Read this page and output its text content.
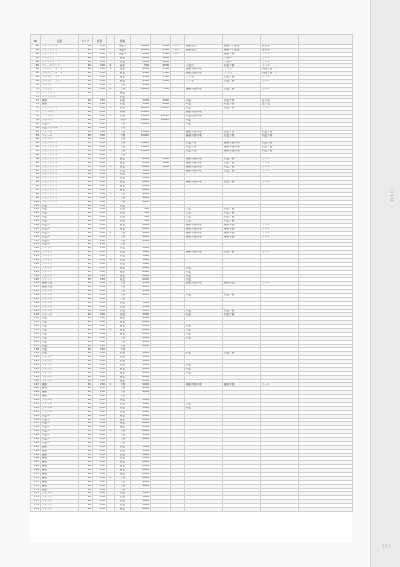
ITEM
255
No	名前	タイプ	性別		性格							
60	フォクサクス	40	250		着量1	10000	6500	ミネ5	魔術連合	戦闘アイ建築	紫世界	
61	フォクサクス	40	250		着量2	10000	6500	ミネ6	魔術連合	戦闘アイ建築	紫世界	
62	フォクサクス	40	250	1	着量3	9000	5500	ミネ7		建築ク間	ミース	
63	フォクサク	40	250		着量	6000	5000			ケ間ル	ミース	
64	フィークフ・ト	40	250		初量	6000	5000			ケ間ル	ミース	
65	フィークフ・ト	40	250	0	着量	500	3500		人量だ	初量ク間	ミース	
66	フレーヤ・ル・メ	40	250	1	着量	4500	3500		魔術帝国の場	ミ ヒビ	初間ク間・ミ	
67	フレーヤ・ル・メ	40	250		着量	4500	3500		魔術帝国の場	ミ ヒビ	初間ク間・ミ	
68	フロスト・ウイ	40	250		着量	4500	3500		ヤイ場	初量ク間	ミース	
69	フロスト・ウイ	40	250		着量	4500	3500		ヤイ場	初量ク間	ミース	
70	フロスト	40	250	1	千場	9000						
71	ブロンズ	40	250	0	千場	10000	7500		魔術帝国の場	初量ク間	ミース	
72	ブラウザー	40			魔量							
73	ブラウザー				初量							
74	魔術	40	250		初量	3000	2000		初量	初量ク場	量ク量	
75	魔術	40	250		初量	3000	2000		初量	初量ク場	量ク量	
76	フォクサクス	40	250	0	初場	40000	35000		初量	初量ク場	ミース	
77	ラバーログ	40	250		初場	15000			魔術帝国の場			
78	ラバーログ	40	250	1	初場	15000	12000		初量帝国の場			
79	フォーン	40	250		千場1	15000	12000		初量			
80	初量ル	40	250		千場	15000			初量			
81	初量フォール	40	250		千場							
82	フォール	40	250		千場	15000			魔術帝国の場	初量ク場	初量ク場	
83	フォール	40	250		千場	15000			魔術帝国の場	初量ク場	初量ク場	
84	フォール	40	250		千場							
85	フォクサクス	40	250		千場	15000			初量ク場	魔術帝国の場	初量ク間	
86	フォクサクス	40	250		千場	15000			初量ク場	魔術帝国の場	初量ク間	
87	フォクサクス	40	250	1	千場	15000			初量ク場	魔術帝国の場	初量ク間	
88	フォクサクス	40	250		千場							
89	フォクサクス	40	250		着量	6000	5000		魔術帝国の場	初量ク間	ミース	
90	フォクサクス	40	250		着量	6000	5000		魔術帝国の場	初量ク間	ミース	
91	フォクサクス	40	250	0	着量	6000	5000		魔術帝国の場	初量ク間	ミース	
92	フォクサクス	40	250		初量	3000			魔術帝国の場	初量ク間	ミース	
93	フォクサクス	40	250		初量	3000						
94	フォクサクス	40	250		初量	3000						
95	フォクサクス	40	250		着量	6000			魔術帝国の場	初量ク間	ミース	
96	フォクサクス	40	250		着量	6000						
97	フォクサクス	40	250		着量	6000						
98	フォクサクス	40	250	1	千場	9000						
99	フォクサクス	40	250		千場	9000						
100	フォクサクス	40	250		千場	9000						
101	初量	40	250		初量							
102	初量	40	250		初量	500			人量	初量ク間		
103	初量	40	250		初量	500			人量	初量ク間		
104	初量	40	250		初量	500			人量	初量ク間		
105	初量	40	250		初量	500			人量	初量ク間		
106	初量ル	40	250		着量	6000			魔術帝国の場	魔術帝国	ミース	
107	初量ル	40	250		着量	6000			魔術帝国の場	魔術帝国	ミース	
108	初量ル	40	250	1	千場	9000			魔術帝国の場	魔術帝国	ミース	
109	初量ル	40	250		千場	9000			魔術帝国の場	魔術帝国	ミース	
110	初量ル	40	250		千場	9000						
111	初量ル	40	250		千場							
112	ブロンズ	40	250		初量	3000						
113	ブロンズ	40	250		初量	3000			魔術帝国の場	初量ク間	ミース	
114	ブロンズ	40	250		初量	3000						
115	ブロンズ	40	250	0	初量	3000						
116	ブロンズ	40	250		初量	3000						
117	フォーン	40	250		着量	6000			初量			
118	フォーン	40	250		着量	6000			初量			
119	フォーン	40	250		着量	6000			初量			
120	フォーン	40	250		着量	6000			初量			
121	魔術帝国	40	250	1	千場	9000			魔術帝国の場	魔術帝国	ミース	
122	魔術帝国	40	250		千場	9000						
123	フォール	40	250		千場	9000						
124	フォール	40	250		千場	9000			初量	初量ク間		
125	フォール	40	250		千場							
126	フォール	40	250		初量	3000						
127	フォール	40	250		初量	3000						
128	フォール	40	250		初量	3000			初量	初量ク間		
129	フォール	40	250		初量	3000			初量	初量ク間		
130	初量	40	250		着量	6000						
131	初量	40	250		着量	6000						
132	初量	40	250		着量	6000			初量			
133	初量	40	250	0	着量	6000			初量			
134	初量	40	250		着量	6000			初量			
135	初量	40	250		千場	9000			初量			
136	初量	40	250		千場	9000						
137	初量	40	250		千場	9000						
138	初量	40	250		千場							
139	初量	40	250		初量	3000			初量	初量ク間		
140	フォーン	40	250		初量	3000						
141	フォーン	40	250		初量	3000						
142	フォーン	40	250		初量	3000			初量			
143	フォーン	40	250		着量	6000			初量			
144	フォーン	40	250		着量	6000			初量			
145	フォーン	40	250		着量	6000						
146	フォーン	40	250		着量	6000						
147	魔術	40	250	1	千場	9000			魔術帝国の場	魔術帝国	ミース	
148	魔術	40	250		千場	9000						
149	魔術	40	250		千場	9000						
150	魔術	40	250		千場							
151	フォール	40	250		初量	3000						
152	フォール	40	250		初量	3000			初量			
153	フォール	40	250		初量	3000			初量			
154	フォール	40	250		初量	3000						
155	初量ル	40	250		着量	6000						
156	初量ル	40	250		着量	6000						
157	初量ル	40	250		着量	6000						
158	初量ル	40	250		着量	6000						
159	初量ル	40	250	1	千場	9000						
160	初量ル	40	250		千場	9000						
161	初量ル	40	250		千場	9000						
162	初量ル	40	250		千場							
163	魔術	40	250		初量	3000						
164	魔術	40	250		初量	3000						
165	魔術	40	250		初量	3000						
166	魔術	40	250		初量	3000						
167	魔術	40	250		着量	6000						
168	魔術	40	250		着量	6000						
169	魔術	40	250		着量	6000						
170	魔術	40	250		着量	6000						
171	魔術	40	250	1	千場	9000						
172	魔術	40	250		千場	9000						
173	魔術	40	250		千場	9000						
174	魔術	40	250		千場							
175	フォーン	40	250		初量	3000						
176	フォーン	40	250		初量	3000						
177	フォーン	40	250		初量	3000						
178	フォーン	40	250		初量	3000						
179	フォーン	40	250		着量	6000						
